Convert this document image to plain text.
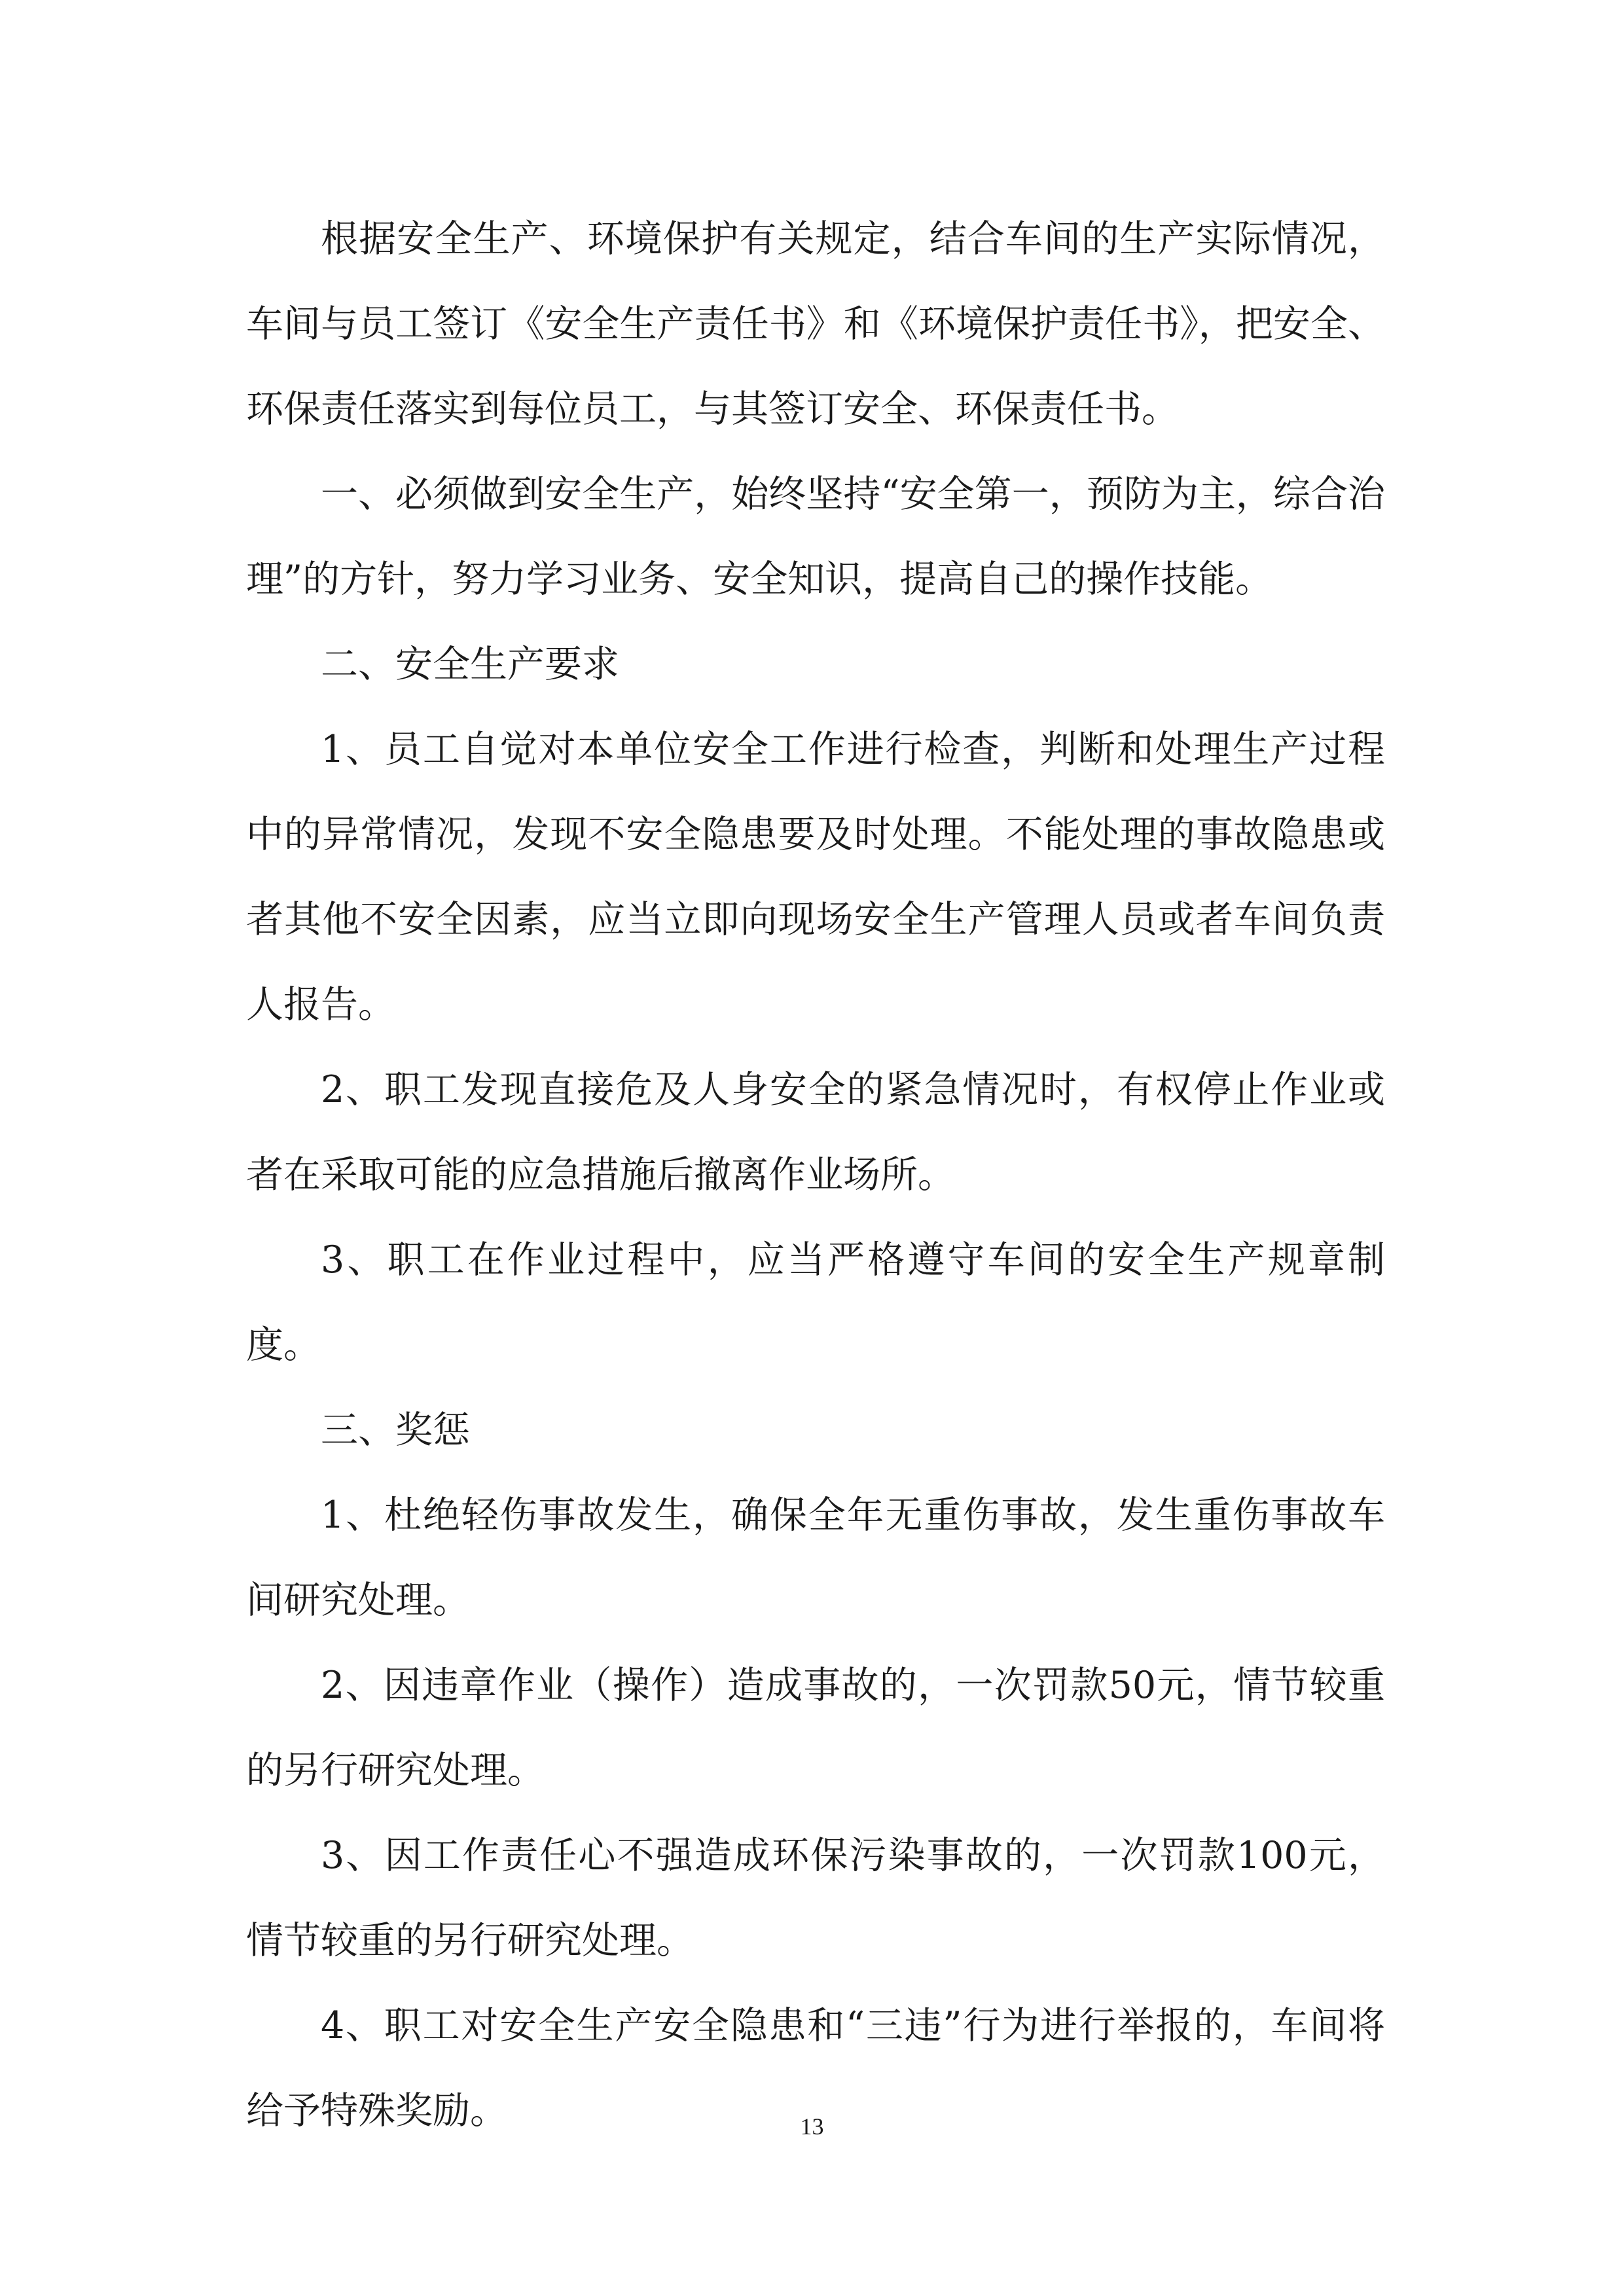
根据安全生产、环境保护有关规定，结合车间的生产实际情况，车间与员工签订《安全生产责任书》和《环境保护责任书》，把安全、环保责任落实到每位员工，与其签订安全、环保责任书。

一、必须做到安全生产，始终坚持“安全第一，预防为主，综合治理”的方针，努力学习业务、安全知识，提高自己的操作技能。

二、安全生产要求

1、员工自觉对本单位安全工作进行检查，判断和处理生产过程中的异常情况，发现不安全隐患要及时处理。不能处理的事故隐患或者其他不安全因素，应当立即向现场安全生产管理人员或者车间负责人报告。

2、职工发现直接危及人身安全的紧急情况时，有权停止作业或者在采取可能的应急措施后撤离作业场所。

3、职工在作业过程中，应当严格遵守车间的安全生产规章制度。

三、奖惩

1、杜绝轻伤事故发生，确保全年无重伤事故，发生重伤事故车间研究处理。

2、因违章作业（操作）造成事故的，一次罚款50元，情节较重的另行研究处理。

3、因工作责任心不强造成环保污染事故的，一次罚款100元，情节较重的另行研究处理。

4、职工对安全生产安全隐患和“三违”行为进行举报的，车间将给予特殊奖励。	13
